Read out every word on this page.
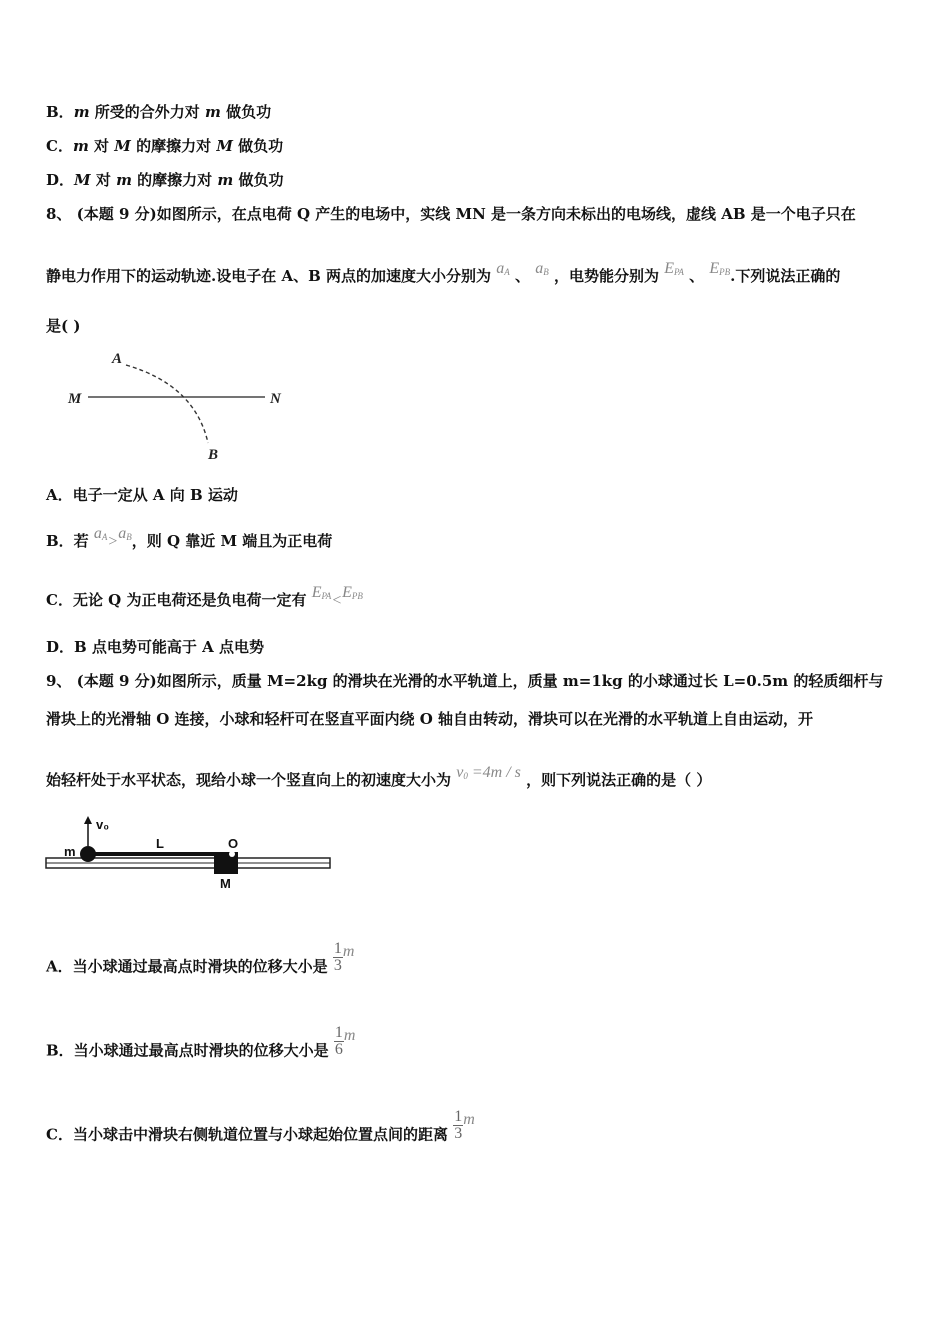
B．m 所受的合外力对 m 做负功
C．m 对 M 的摩擦力对 M 做负功
D．M 对 m 的摩擦力对 m 做负功
8、 (本题 9 分)如图所示，在点电荷 Q 产生的电场中，实线 MN 是一条方向未标出的电场线，虚线 AB 是一个电子只在
静电力作用下的运动轨迹.设电子在 A、B 两点的加速度大小分别为 $a_A$ 、 $a_B$ ，电势能分别为 $E_{PA}$ 、 $E_{PB}$.下列说法正确的
是( )
M	N
A
B
A．电子一定从 A 向 B 运动
B．若 $a_A>a_B$，则 Q 靠近 M 端且为正电荷
C．无论 Q 为正电荷还是负电荷一定有 $E_{PA}<E_{PB}$
D．B 点电势可能高于 A 点电势
9、 (本题 9 分)如图所示，质量 M=2kg 的滑块在光滑的水平轨道上，质量 m=1kg 的小球通过长 L=0.5m 的轻质细杆与
滑块上的光滑轴 O 连接，小球和轻杆可在竖直平面内绕 O 轴自由转动，滑块可以在光滑的水平轨道上自由运动，开
始轻杆处于水平状态，现给小球一个竖直向上的初速度大小为 $v_0 =4m / s$ ，则下列说法正确的是（ ）
m
v₀
L	O
M
A．当小球通过最高点时滑块的位移大小是 $\frac{1}{3}$ m
B．当小球通过最高点时滑块的位移大小是 $\frac{1}{6}$ m
C．当小球击中滑块右侧轨道位置与小球起始位置点间的距离 $\frac{1}{3}$ m
